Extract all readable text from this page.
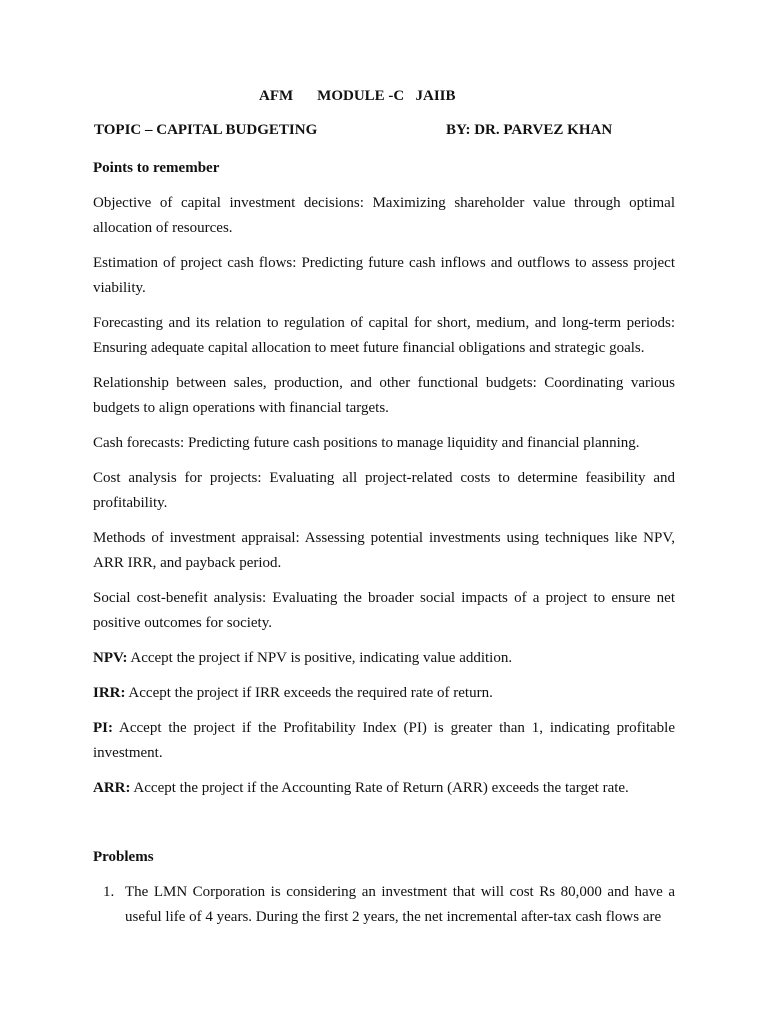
AFM MODULE -C   JAIIB
TOPIC – CAPITAL BUDGETING	BY: DR. PARVEZ KHAN

Points to remember

Objective of capital investment decisions: Maximizing shareholder value through optimal allocation of resources.

Estimation of project cash flows: Predicting future cash inflows and outflows to assess project viability.

Forecasting and its relation to regulation of capital for short, medium, and long-term periods: Ensuring adequate capital allocation to meet future financial obligations and strategic goals.

Relationship between sales, production, and other functional budgets: Coordinating various budgets to align operations with financial targets.

Cash forecasts: Predicting future cash positions to manage liquidity and financial planning.

Cost analysis for projects: Evaluating all project-related costs to determine feasibility and profitability.

Methods of investment appraisal: Assessing potential investments using techniques like NPV, ARR IRR, and payback period.

Social cost-benefit analysis: Evaluating the broader social impacts of a project to ensure net positive outcomes for society.

NPV: Accept the project if NPV is positive, indicating value addition.

IRR: Accept the project if IRR exceeds the required rate of return.

PI: Accept the project if the Profitability Index (PI) is greater than 1, indicating profitable investment.

ARR: Accept the project if the Accounting Rate of Return (ARR) exceeds the target rate.

Problems

1. The LMN Corporation is considering an investment that will cost Rs 80,000 and have a useful life of 4 years. During the first 2 years, the net incremental after-tax cash flows are
